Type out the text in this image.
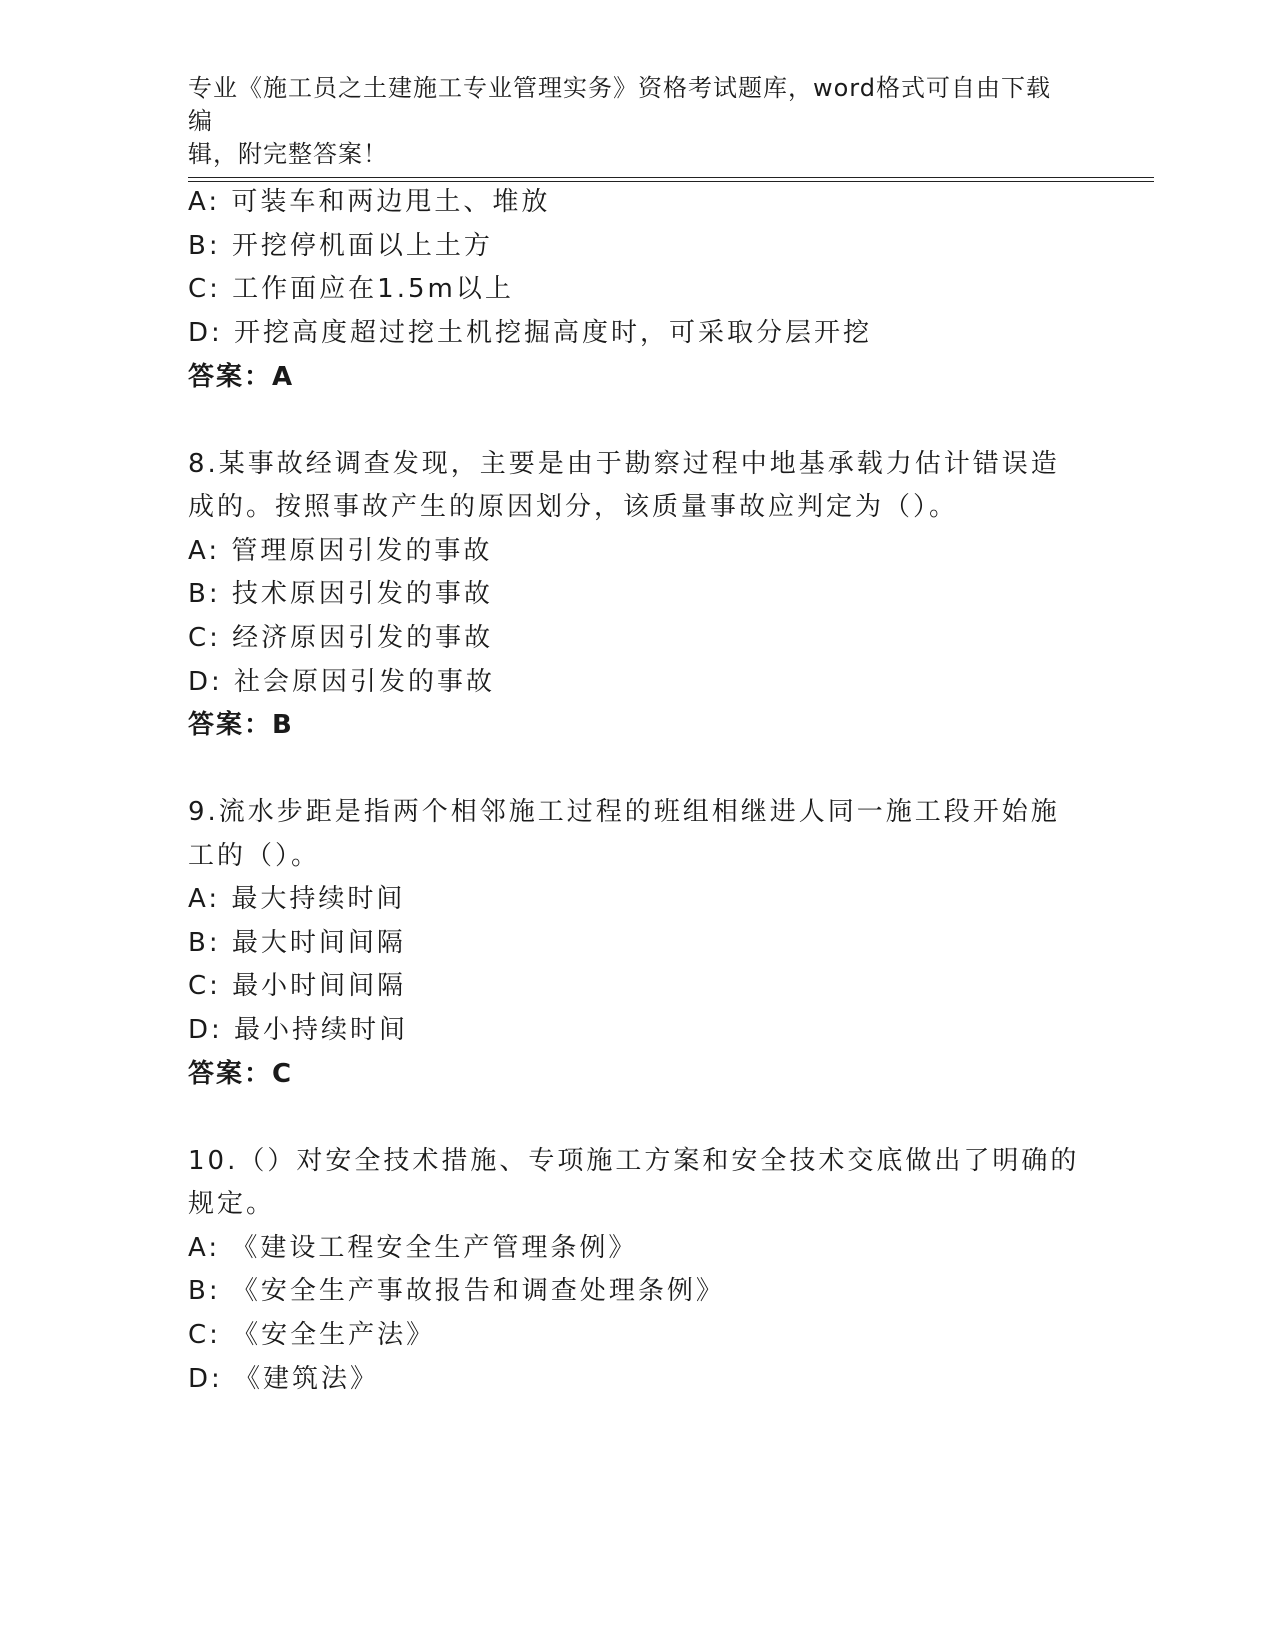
专业《施工员之土建施工专业管理实务》资格考试题库，word格式可自由下载编
辑，附完整答案！
A: 可装车和两边甩土、堆放
B: 开挖停机面以上土方
C: 工作面应在1.5m以上
D: 开挖高度超过挖土机挖掘高度时，可采取分层开挖
答案：A
8.某事故经调查发现，主要是由于勘察过程中地基承载力估计错误造
成的。按照事故产生的原因划分，该质量事故应判定为（）。
A: 管理原因引发的事故
B: 技术原因引发的事故
C: 经济原因引发的事故
D: 社会原因引发的事故
答案：B
9.流水步距是指两个相邻施工过程的班组相继进人同一施工段开始施
工的（）。
A: 最大持续时间
B: 最大时间间隔
C: 最小时间间隔
D: 最小持续时间
答案：C
10.（）对安全技术措施、专项施工方案和安全技术交底做出了明确的
规定。
A: 《建设工程安全生产管理条例》
B: 《安全生产事故报告和调查处理条例》
C: 《安全生产法》
D: 《建筑法》
